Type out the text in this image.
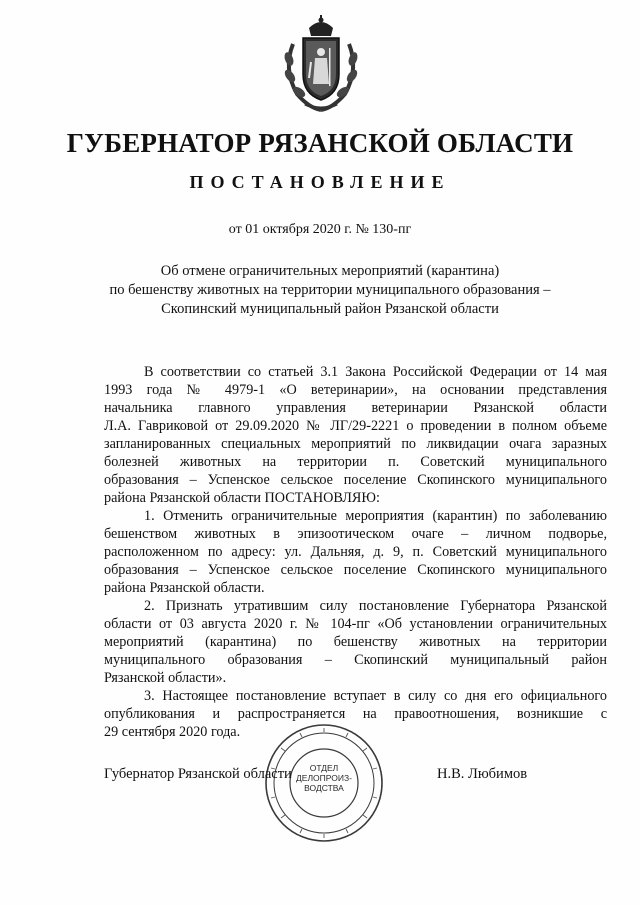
ГУБЕРНАТОР РЯЗАНСКОЙ ОБЛАСТИ
ПОСТАНОВЛЕНИЕ
от 01 октября 2020 г. № 130-пг
Об отмене ограничительных мероприятий (карантина)
по бешенству животных на территории муниципального образования –
Скопинский муниципальный район Рязанской области
В соответствии со статьей 3.1 Закона Российской Федерации от 14 мая
1993 года № 4979-1 «О ветеринарии», на основании представления
начальника главного управления ветеринарии Рязанской области
Л.А. Гавриковой от 29.09.2020 № ЛГ/29-2221 о проведении в полном объеме
запланированных специальных мероприятий по ликвидации очага заразных
болезней животных на территории п. Советский муниципального
образования – Успенское сельское поселение Скопинского муниципального
района Рязанской области ПОСТАНОВЛЯЮ:
1. Отменить ограничительные мероприятия (карантин) по заболеванию
бешенством животных в эпизоотическом очаге – личном подворье,
расположенном по адресу: ул. Дальняя, д. 9, п. Советский муниципального
образования – Успенское сельское поселение Скопинского муниципального
района Рязанской области.
2. Признать утратившим силу постановление Губернатора Рязанской
области от 03 августа 2020 г. № 104-пг «Об установлении ограничительных
мероприятий (карантина) по бешенству животных на территории
муниципального образования – Скопинский муниципальный район
Рязанской области».
3. Настоящее постановление вступает в силу со дня его официального
опубликования и распространяется на правоотношения, возникшие с
29 сентября 2020 года.
ОТДЕЛ
ДЕЛОПРОИЗ-
ВОДСТВА
Губернатор Рязанской области	Н.В. Любимов
